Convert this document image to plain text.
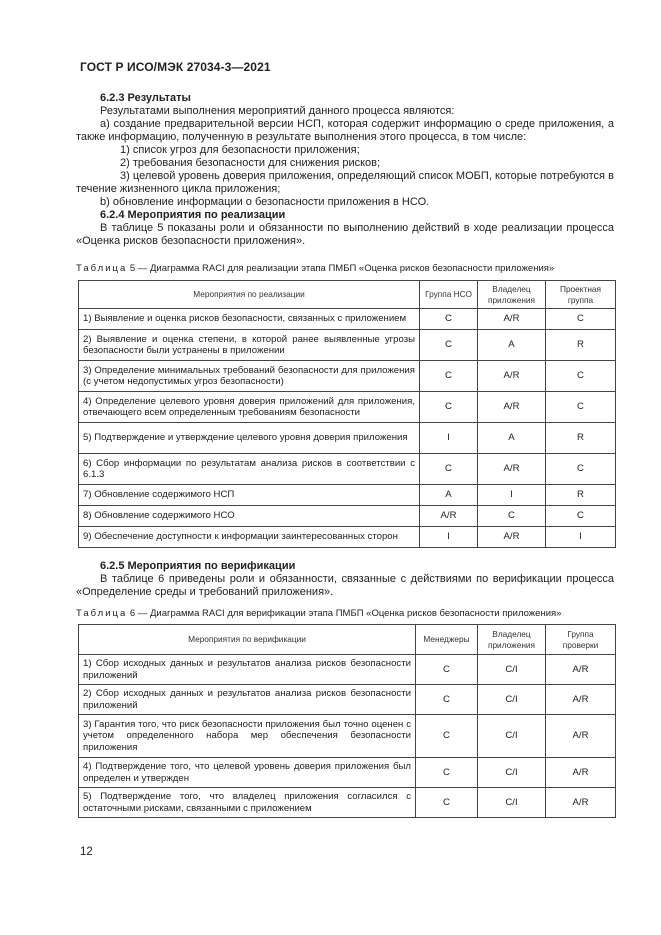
ГОСТ Р ИСО/МЭК 27034-3—2021

6.2.3 Результаты

Результатами выполнения мероприятий данного процесса являются:

а) создание предварительной версии НСП, которая содержит информацию о среде приложения, а также информацию, полученную в результате выполнения этого процесса, в том числе:

1) список угроз для безопасности приложения;

2) требования безопасности для снижения рисков;

3) целевой уровень доверия приложения, определяющий список МОБП, которые потребуются в течение жизненного цикла приложения;

b) обновление информации о безопасности приложения в НСО.

6.2.4 Мероприятия по реализации

В таблице 5 показаны роли и обязанности по выполнению действий в ходе реализации процесса «Оценка рисков безопасности приложения».

Таблица 5 — Диаграмма RACI для реализации этапа ПМБП «Оценка рисков безопасности приложения»
Мероприятия по реализации	Группа НСО	Владелец приложения	Проектная группа
1) Выявление и оценка рисков безопасности, связанных с приложением	C	A/R	C
2) Выявление и оценка степени, в которой ранее выявленные угрозы безопасности были устранены в приложении	C	A	R
3) Определение минимальных требований безопасности для приложения (с учетом недопустимых угроз безопасности)	C	A/R	C
4) Определение целевого уровня доверия приложений для приложения, отвечающего всем определенным требованиям безопасности	C	A/R	C
5) Подтверждение и утверждение целевого уровня доверия приложения	I	A	R
6) Сбор информации по результатам анализа рисков в соответствии с 6.1.3	C	A/R	C
7) Обновление содержимого НСП	A	I	R
8) Обновление содержимого НСО	A/R	C	C
9) Обеспечение доступности к информации заинтересованных сторон	I	A/R	I

6.2.5 Мероприятия по верификации

В таблице 6 приведены роли и обязанности, связанные с действиями по верификации процесса «Определение среды и требований приложения».

Таблица 6 — Диаграмма RACI для верификации этапа ПМБП «Оценка рисков безопасности приложения»
Мероприятия по верификации	Менеджеры	Владелец приложения	Группа проверки
1) Сбор исходных данных и результатов анализа рисков безопасности приложений	C	C/I	A/R
2) Сбор исходных данных и результатов анализа рисков безопасности приложений	C	C/I	A/R
3) Гарантия того, что риск безопасности приложения был точно оценен с учетом определенного набора мер обеспечения безопасности приложения	C	C/I	A/R
4) Подтверждение того, что целевой уровень доверия приложения был определен и утвержден	C	C/I	A/R
5) Подтверждение того, что владелец приложения согласился с остаточными рисками, связанными с приложением	C	C/I	A/R
12
